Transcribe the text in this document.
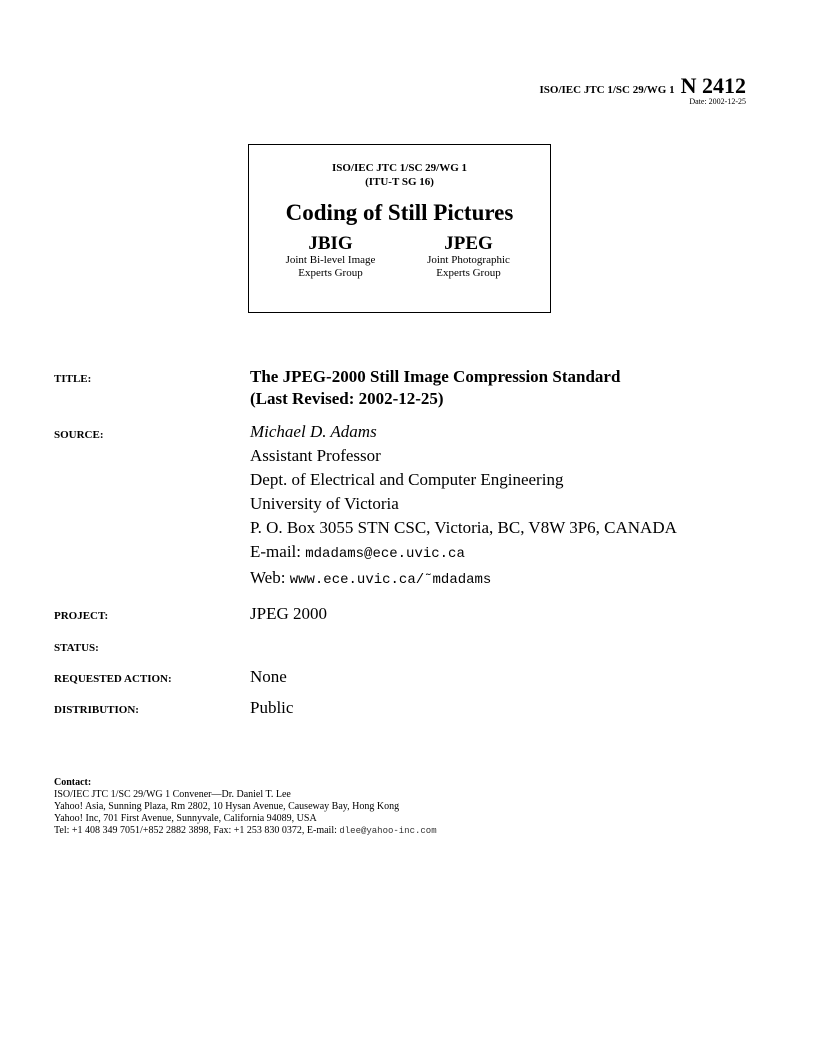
ISO/IEC JTC 1/SC 29/WG 1 N 2412
Date: 2002-12-25
ISO/IEC JTC 1/SC 29/WG 1
(ITU-T SG 16)
Coding of Still Pictures
JBIG
Joint Bi-level Image
Experts Group
JPEG
Joint Photographic
Experts Group
TITLE:	The JPEG-2000 Still Image Compression Standard
(Last Revised: 2002-12-25)
SOURCE:	Michael D. Adams
Assistant Professor
Dept. of Electrical and Computer Engineering
University of Victoria
P. O. Box 3055 STN CSC, Victoria, BC, V8W 3P6, CANADA
E-mail: mdadams@ece.uvic.ca
Web: www.ece.uvic.ca/˜mdadams
PROJECT:	JPEG 2000
STATUS:
REQUESTED ACTION:	None
DISTRIBUTION:	Public
Contact:
ISO/IEC JTC 1/SC 29/WG 1 Convener—Dr. Daniel T. Lee
Yahoo! Asia, Sunning Plaza, Rm 2802, 10 Hysan Avenue, Causeway Bay, Hong Kong
Yahoo! Inc, 701 First Avenue, Sunnyvale, California 94089, USA
Tel: +1 408 349 7051/+852 2882 3898, Fax: +1 253 830 0372, E-mail: dlee@yahoo-inc.com
